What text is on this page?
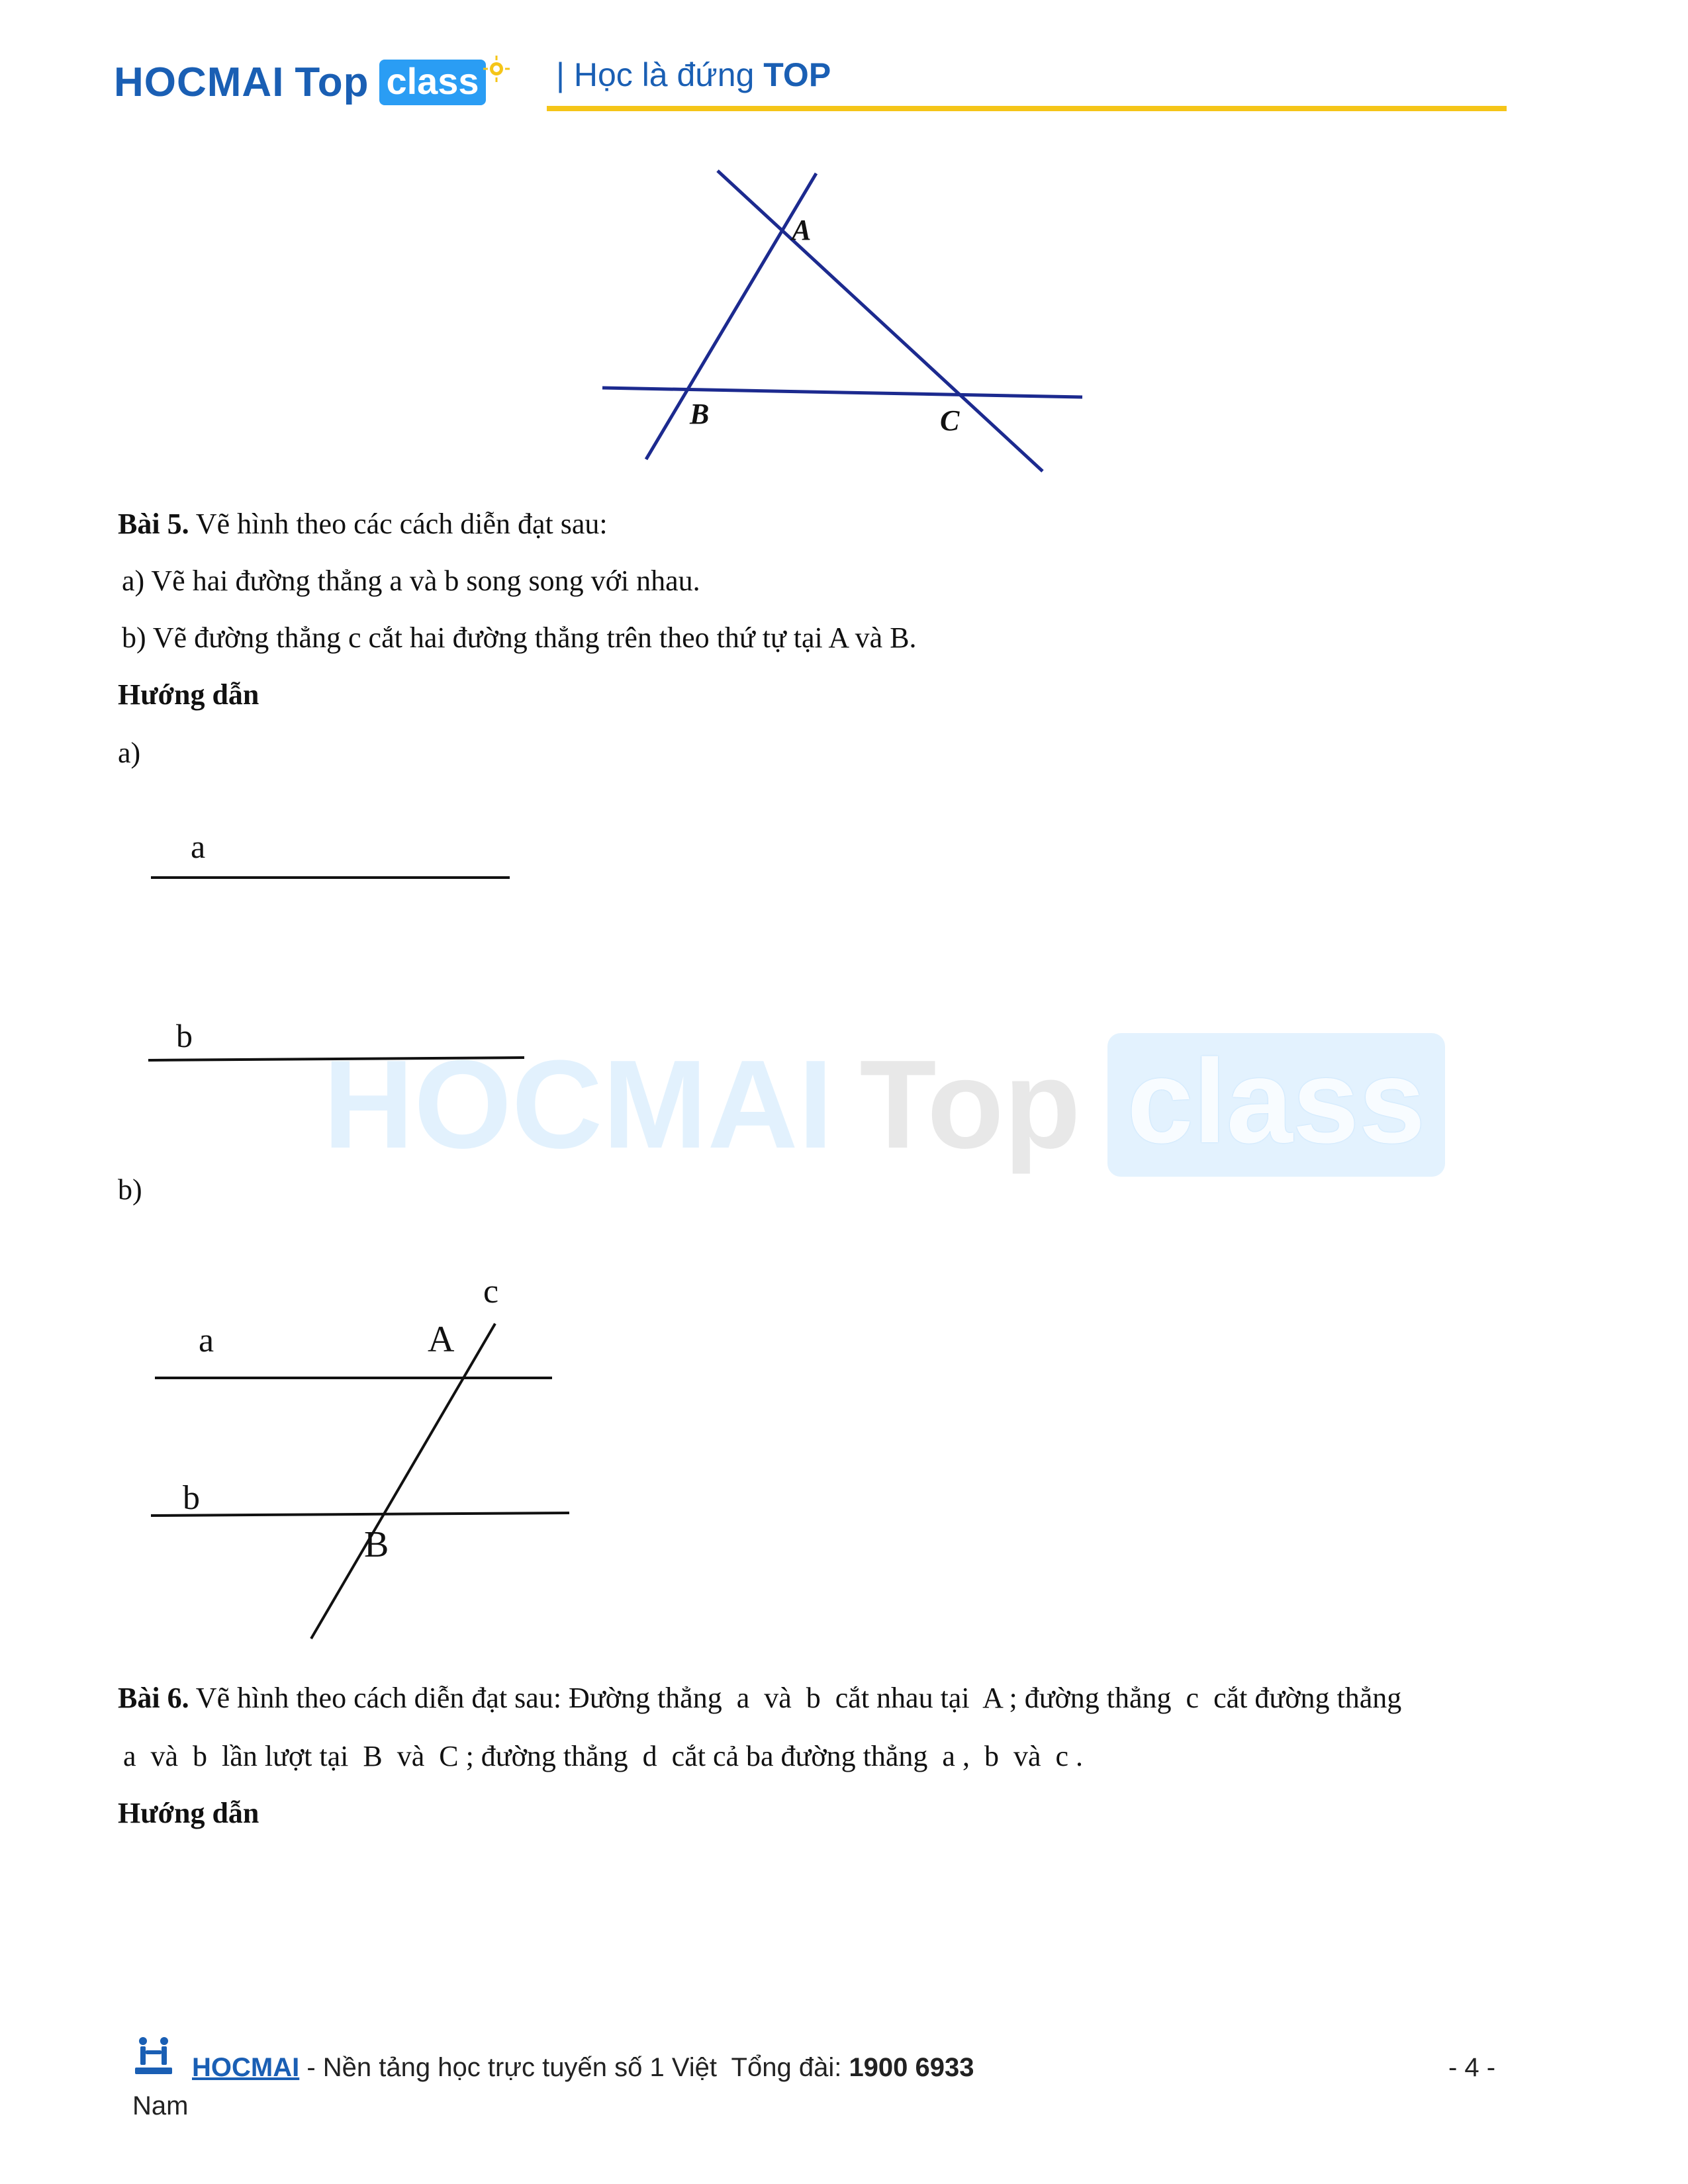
HOCMAI Top class | Học là đứng TOP
A
B	C
Bài 5. Vẽ hình theo các cách diễn đạt sau:
a) Vẽ hai đường thẳng a và b song song với nhau.
b) Vẽ đường thẳng c cắt hai đường thẳng trên theo thứ tự tại A và B.
Hướng dẫn
a)
a
b HOCMAI Top class
b)
c
a	A
b
B
Bài 6. Vẽ hình theo cách diễn đạt sau: Đường thẳng  a  và  b  cắt nhau tại  A ; đường thẳng  c  cắt đường thẳng
a  và  b  lần lượt tại  B  và  C ; đường thẳng  d  cắt cả ba đường thẳng  a ,  b  và  c .
Hướng dẫn
HOCMAI - Nền tảng học trực tuyến số 1 Việt  Tổng đài: 1900 6933	- 4 -
Nam
